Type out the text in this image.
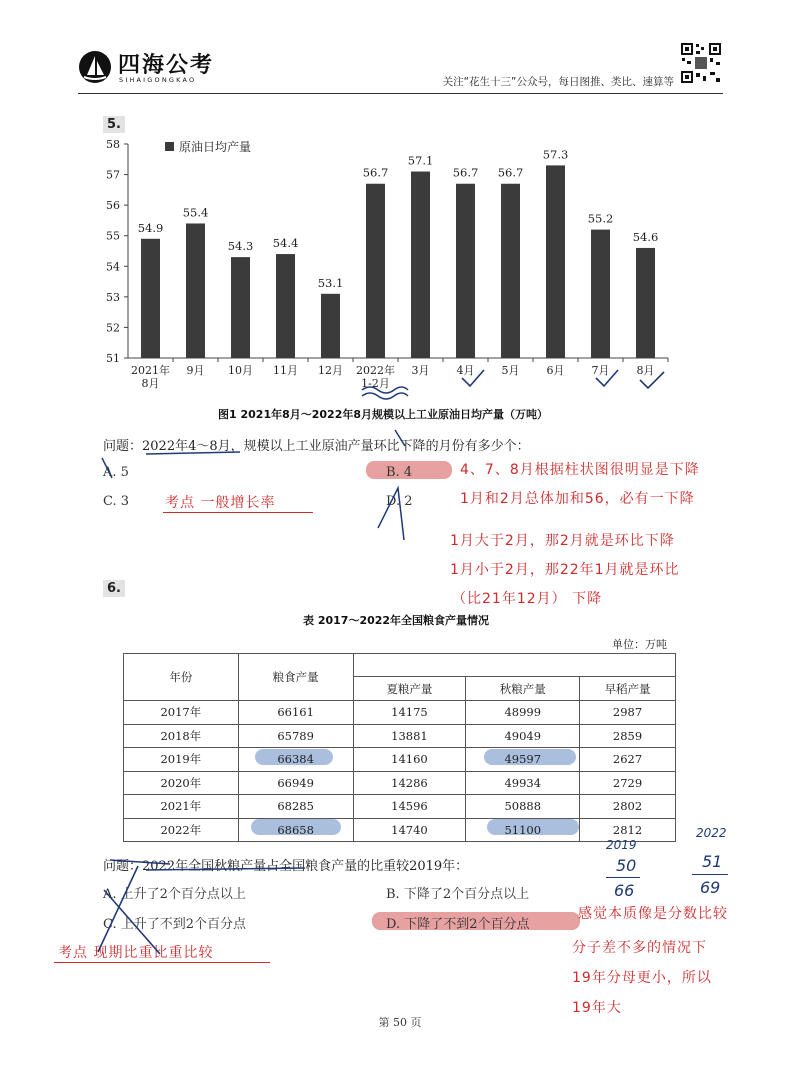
四海公考
SIHAIGONGKAO	关注“花生十三”公众号，每日图推、类比、速算等
5.
54.9
55.4
54.3 54.4
53.1
56.7
57.1
56.7 56.7
57.3
55.2
54.6
2021年 8月
9月 10月 11月 12月 2022年 1-2月
3月 4月 5月 6月 7月 8月
51
52
53
54
55
56
57
58	原油日均产量
图1 2021年8月～2022年8月规模以上工业原油日均产量（万吨）
问题：2022年4～8月，规模以上工业原油产量环比下降的月份有多少个：
A. 5	B. 4
C. 3	D. 2
考点 一般增长率
4、7、8月根据柱状图很明显是下降
1月和2月总体加和56，必有一下降
1月大于2月，那2月就是环比下降
1月小于2月，那22年1月就是环比
（比21年12月） 下降
6.
表 2017～2022年全国粮食产量情况
单位：万吨
年份	粮食产量			
		夏粮产量	秋粮产量	早稻产量
2017年	66161	14175	48999	2987
2018年	65789	13881	49049	2859
2019年	66384	14160	49597	2627
2020年	66949	14286	49934	2729
2021年	68285	14596	50888	2802
2022年	68658	14740	51100	2812
问题：2022年全国秋粮产量占全国粮食产量的比重较2019年：
A. 上升了2个百分点以上	B. 下降了2个百分点以上
C. 上升了不到2个百分点	D. 下降了不到2个百分点
考点 现期比重比重比较
感觉本质像是分数比较
分子差不多的情况下
19年分母更小，所以
19年大
2019
50
66
2022
51
69
第 50 页
